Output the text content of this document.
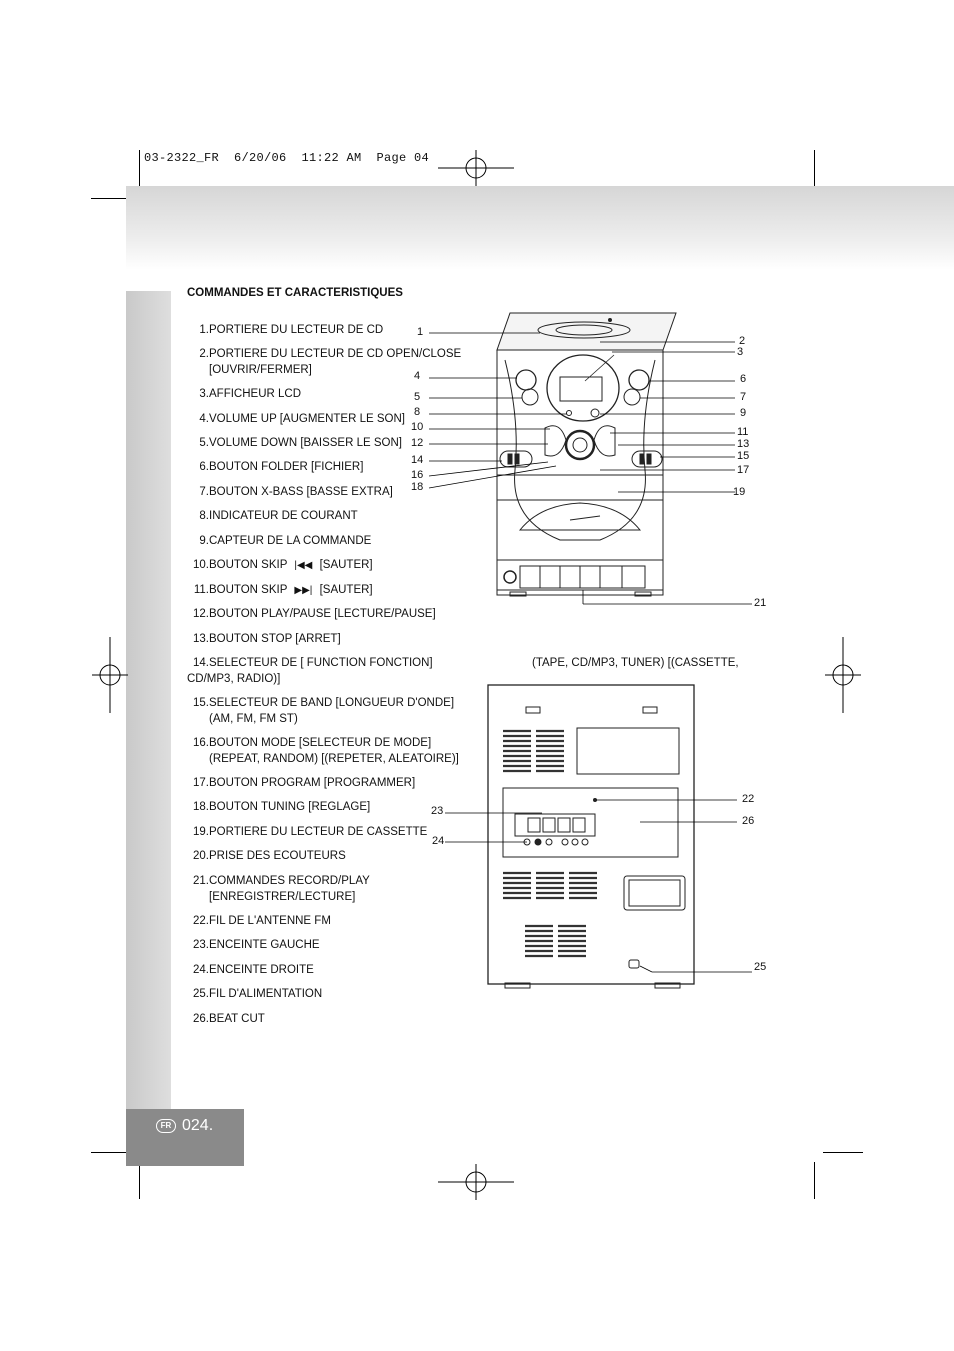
03-2322_FR  6/20/06  11:22 AM  Page 04
COMMANDES ET CARACTERISTIQUES
1. PORTIERE DU LECTEUR DE CD
2. PORTIERE DU LECTEUR DE CD OPEN/CLOSE [OUVRIR/FERMER]
3. AFFICHEUR LCD
4. VOLUME UP [AUGMENTER LE SON]
5. VOLUME DOWN [BAISSER LE SON]
6. BOUTON FOLDER [FICHIER]
7. BOUTON X-BASS [BASSE EXTRA]
8. INDICATEUR DE COURANT
9. CAPTEUR DE LA COMMANDE
10. BOUTON SKIP |◀◀ [SAUTER]
11. BOUTON SKIP ▶▶| [SAUTER]
12. BOUTON PLAY/PAUSE [LECTURE/PAUSE]
13. BOUTON STOP [ARRET]
14. SELECTEUR DE [ FUNCTION FONCTION]	(TAPE, CD/MP3, TUNER) [(CASSETTE,
CD/MP3, RADIO)]
15. SELECTEUR DE BAND [LONGUEUR D'ONDE] (AM, FM, FM ST)
16. BOUTON MODE [SELECTEUR DE MODE] (REPEAT, RANDOM) [(REPETER, ALEATOIRE)]
17. BOUTON PROGRAM [PROGRAMMER]
18. BOUTON TUNING [REGLAGE]
19. PORTIERE DU LECTEUR DE CASSETTE
20. PRISE DES ECOUTEURS
21. COMMANDES RECORD/PLAY [ENREGISTRER/LECTURE]
22. FIL DE L'ANTENNE FM
23. ENCEINTE GAUCHE
24. ENCEINTE DROITE
25. FIL D'ALIMENTATION
26. BEAT CUT
1
4
5
8
10
12
14
16
18
2
3
6
7
9
11
13
15
17
19
21
22
23
26
24
25
FR 024.
